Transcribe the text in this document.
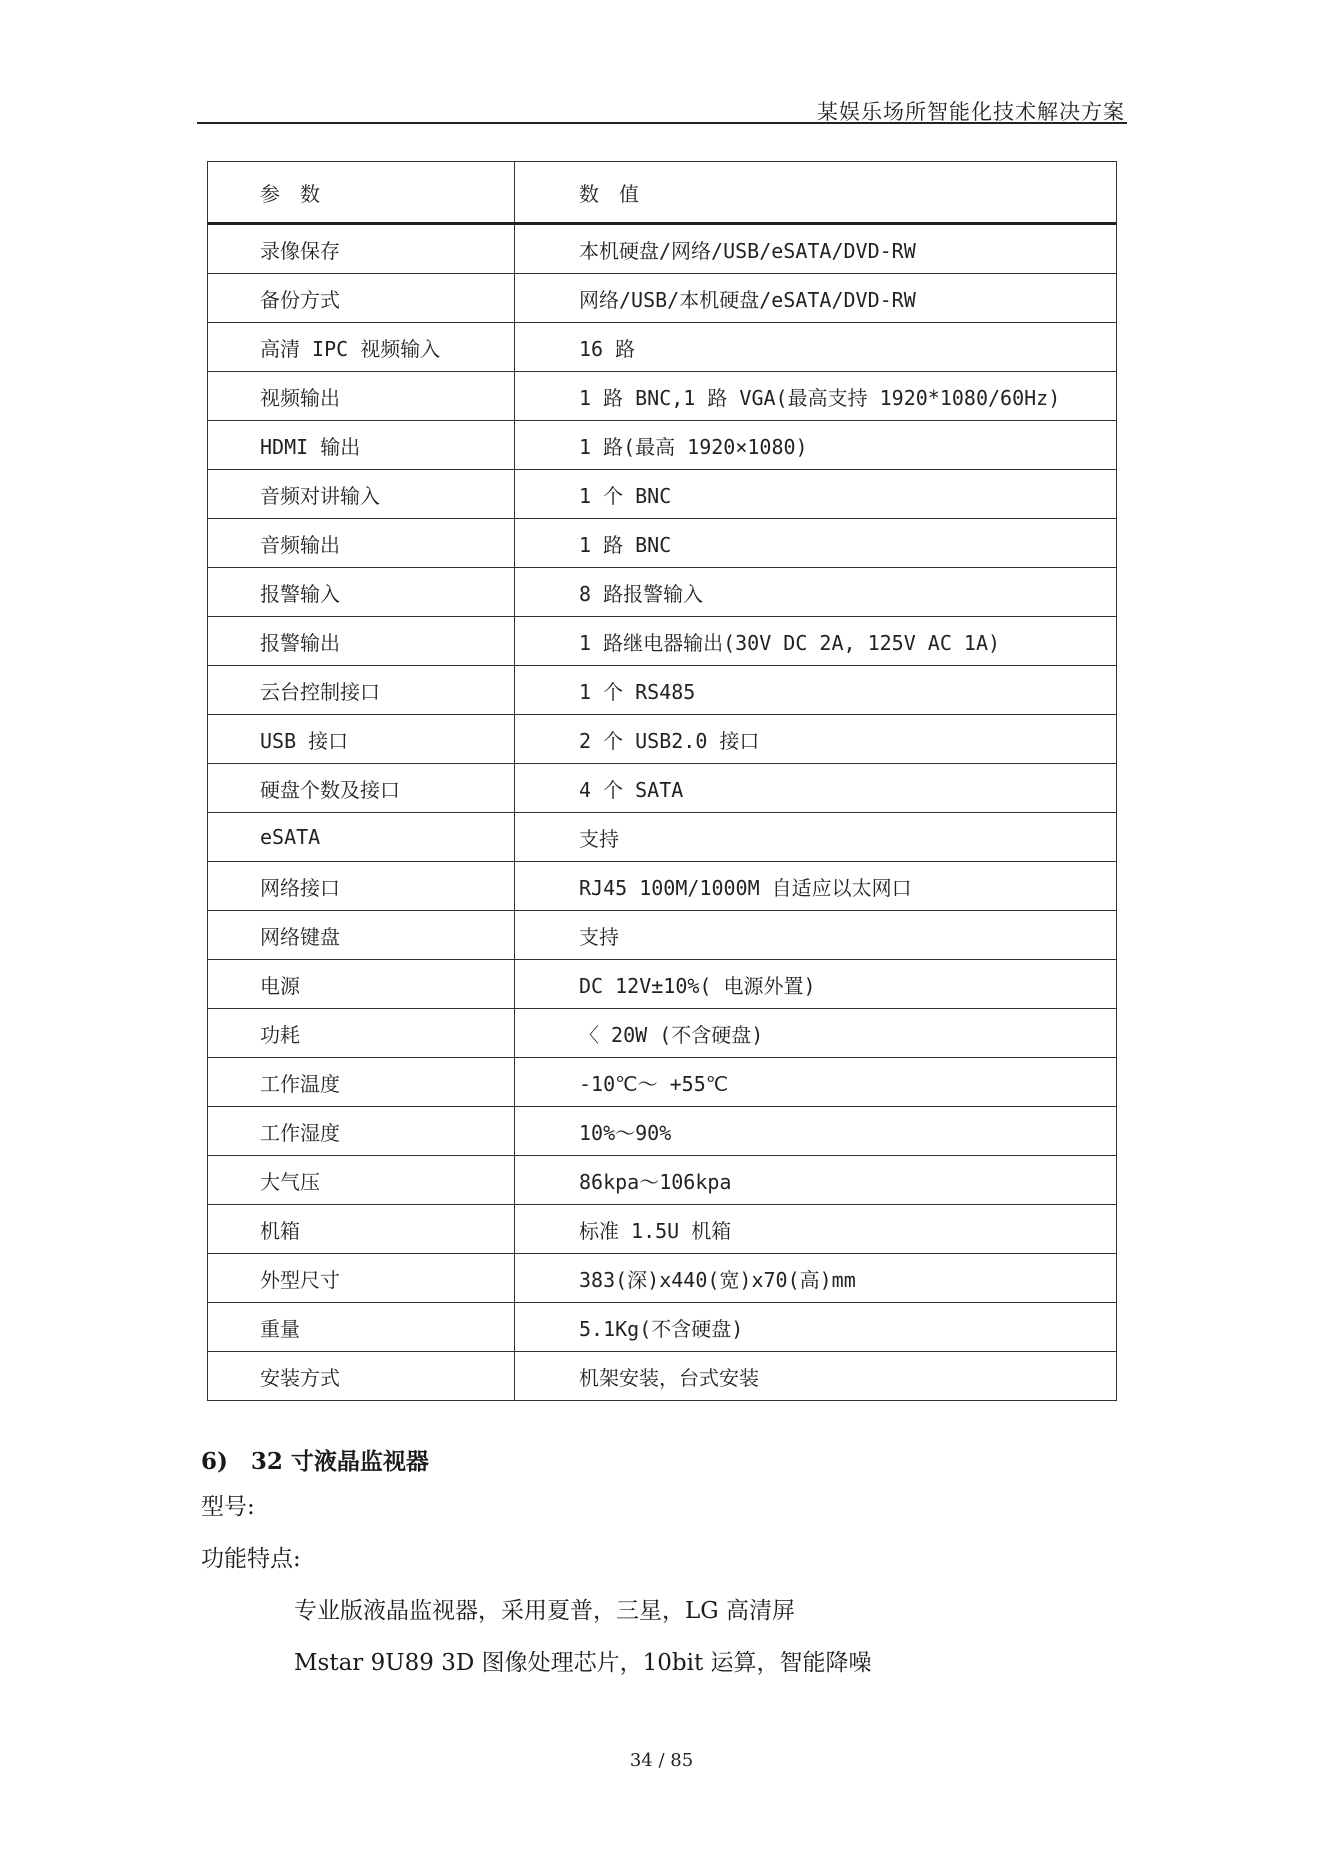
某娱乐场所智能化技术解决方案
参　数	数　值
录像保存	本机硬盘/网络/USB/eSATA/DVD-RW
备份方式	网络/USB/本机硬盘/eSATA/DVD-RW
高清 IPC 视频输入	16 路
视频输出	1 路 BNC,1 路 VGA(最高支持 1920*1080/60Hz)
HDMI 输出	1 路(最高 1920×1080)
音频对讲输入	1 个 BNC
音频输出	1 路 BNC
报警输入	8 路报警输入
报警输出	1 路继电器输出(30V DC 2A, 125V AC 1A)
云台控制接口	1 个 RS485
USB 接口	2 个 USB2.0 接口
硬盘个数及接口	4 个 SATA
eSATA	支持
网络接口	RJ45 100M/1000M 自适应以太网口
网络键盘	支持
电源	DC 12V±10%( 电源外置)
功耗	〈 20W (不含硬盘)
工作温度	-10℃～ +55℃
工作湿度	10%～90%
大气压	86kpa～106kpa
机箱	标准 1.5U 机箱
外型尺寸	383(深)x440(宽)x70(高)mm
重量	5.1Kg(不含硬盘)
安装方式	机架安装，台式安装
6)　32 寸液晶监视器
型号:
功能特点:
专业版液晶监视器，采用夏普，三星，LG 高清屏
Mstar 9U89 3D 图像处理芯片，10bit 运算，智能降噪
34 / 85
